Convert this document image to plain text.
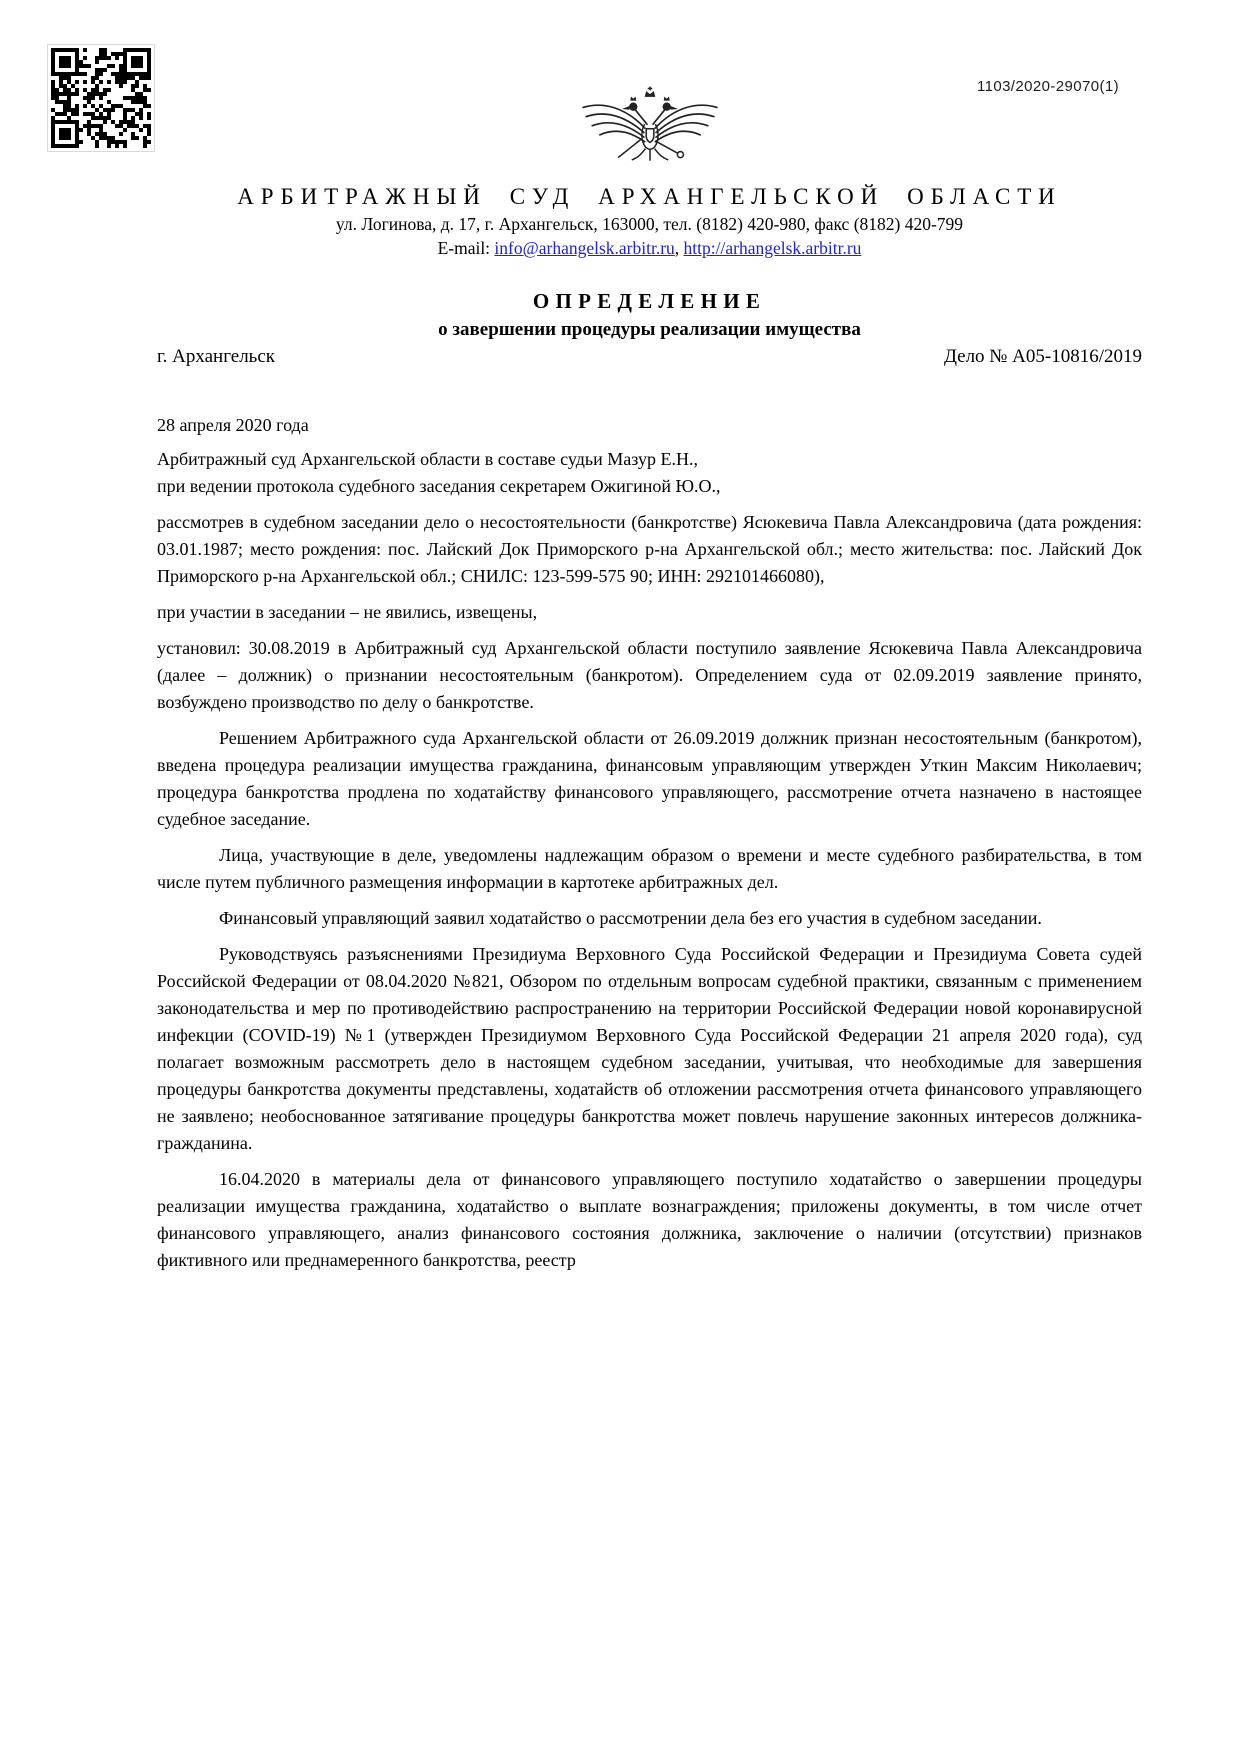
1103/2020-29070(1)
АРБИТРАЖНЫЙ СУД АРХАНГЕЛЬСКОЙ ОБЛАСТИ
ул. Логинова, д. 17, г. Архангельск, 163000, тел. (8182) 420-980, факс (8182) 420-799
E-mail: info@arhangelsk.arbitr.ru, http://arhangelsk.arbitr.ru
ОПРЕДЕЛЕНИЕ
о завершении процедуры реализации имущества
г. Архангельск	Дело № А05-10816/2019
28 апреля 2020 года

Арбитражный суд Архангельской области в составе судьи Мазур Е.Н.,
при ведении протокола судебного заседания секретарем Ожигиной Ю.О.,

рассмотрев в судебном заседании дело о несостоятельности (банкротстве) Ясюкевича Павла Александровича (дата рождения: 03.01.1987; место рождения: пос. Лайский Док Приморского р-на Архангельской обл.; место жительства: пос. Лайский Док Приморского р-на Архангельской обл.; СНИЛС: 123-599-575 90; ИНН: 292101466080),

при участии в заседании – не явились, извещены,

установил: 30.08.2019 в Арбитражный суд Архангельской области поступило заявление Ясюкевича Павла Александровича (далее – должник) о признании несостоятельным (банкротом). Определением суда от 02.09.2019 заявление принято, возбуждено производство по делу о банкротстве.

Решением Арбитражного суда Архангельской области от 26.09.2019 должник признан несостоятельным (банкротом), введена процедура реализации имущества гражданина, финансовым управляющим утвержден Уткин Максим Николаевич; процедура банкротства продлена по ходатайству финансового управляющего, рассмотрение отчета назначено в настоящее судебное заседание.

Лица, участвующие в деле, уведомлены надлежащим образом о времени и месте судебного разбирательства, в том числе путем публичного размещения информации в картотеке арбитражных дел.

Финансовый управляющий заявил ходатайство о рассмотрении дела без его участия в судебном заседании.

Руководствуясь разъяснениями Президиума Верховного Суда Российской Федерации и Президиума Совета судей Российской Федерации от 08.04.2020 №821, Обзором по отдельным вопросам судебной практики, связанным с применением законодательства и мер по противодействию распространению на территории Российской Федерации новой коронавирусной инфекции (COVID-19) №1 (утвержден Президиумом Верховного Суда Российской Федерации 21 апреля 2020 года), суд полагает возможным рассмотреть дело в настоящем судебном заседании, учитывая, что необходимые для завершения процедуры банкротства документы представлены, ходатайств об отложении рассмотрения отчета финансового управляющего не заявлено; необоснованное затягивание процедуры банкротства может повлечь нарушение законных интересов должника-гражданина.

16.04.2020 в материалы дела от финансового управляющего поступило ходатайство о завершении процедуры реализации имущества гражданина, ходатайство о выплате вознаграждения; приложены документы, в том числе отчет финансового управляющего, анализ финансового состояния должника, заключение о наличии (отсутствии) признаков фиктивного или преднамеренного банкротства, реестр
